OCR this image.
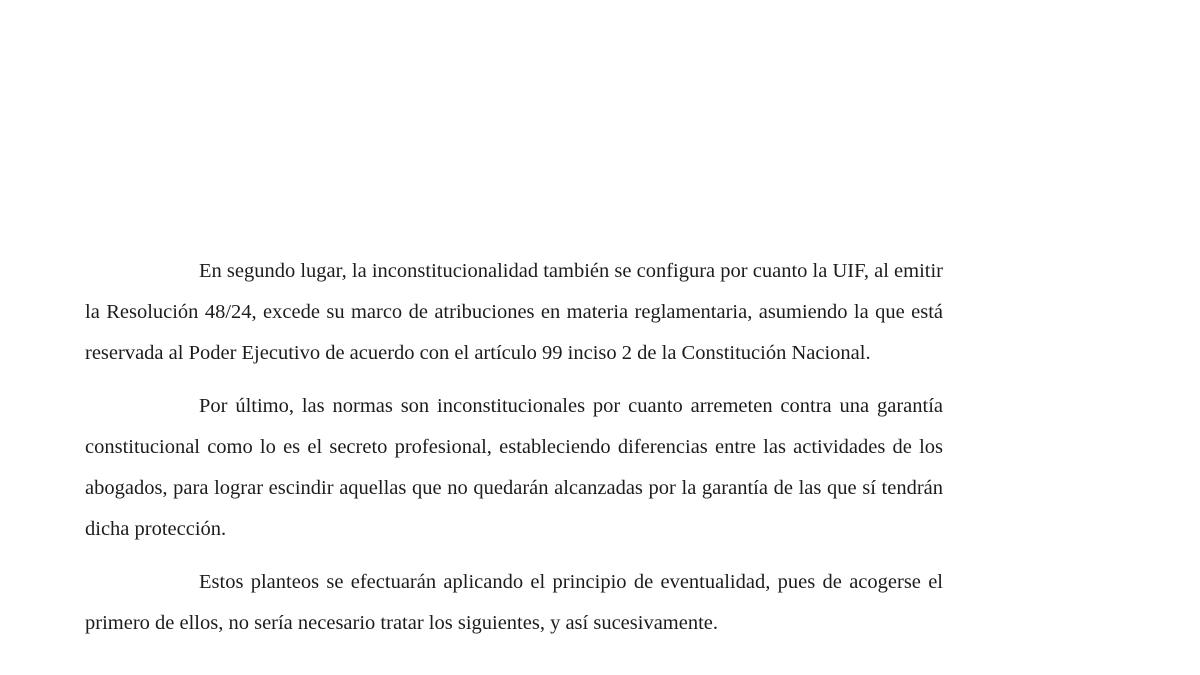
En segundo lugar, la inconstitucionalidad también se configura por cuanto la UIF, al emitir la Resolución 48/24, excede su marco de atribuciones en materia reglamentaria, asumiendo la que está reservada al Poder Ejecutivo de acuerdo con el artículo 99 inciso 2 de la Constitución Nacional.

Por último, las normas son inconstitucionales por cuanto arremeten contra una garantía constitucional como lo es el secreto profesional, estableciendo diferencias entre las actividades de los abogados, para lograr escindir aquellas que no quedarán alcanzadas por la garantía de las que sí tendrán dicha protección.

Estos planteos se efectuarán aplicando el principio de eventualidad, pues de acogerse el primero de ellos, no sería necesario tratar los siguientes, y así sucesivamente.
